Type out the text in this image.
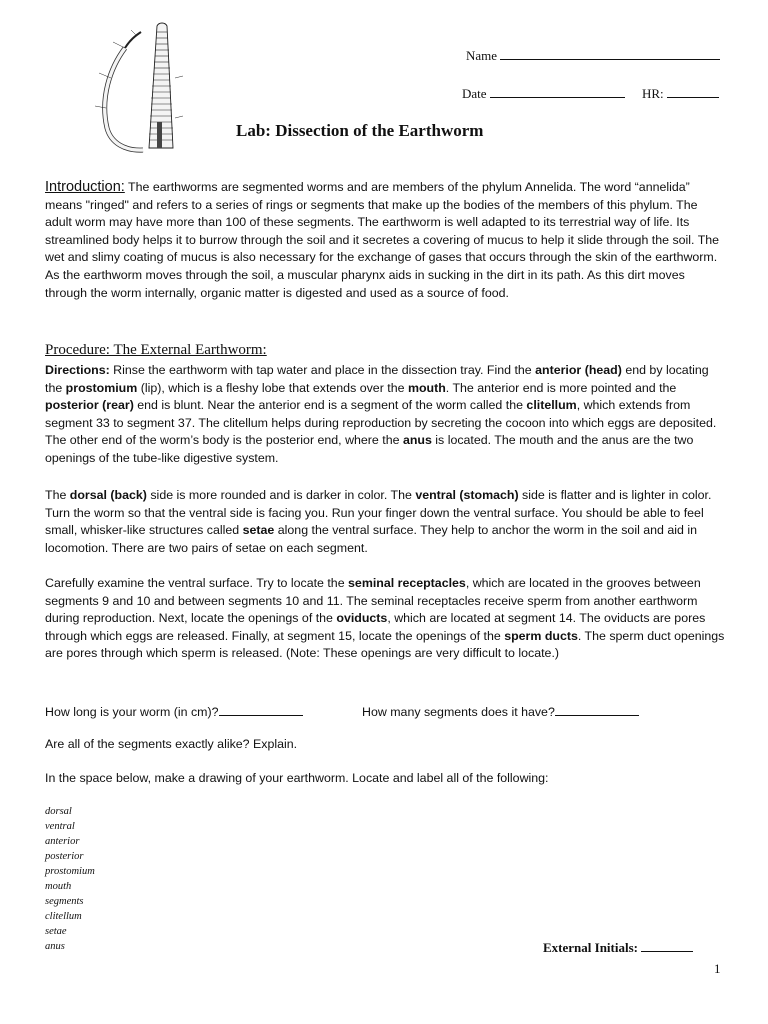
Name
Date	HR:
Lab: Dissection of the Earthworm

Introduction: The earthworms are segmented worms and are members of the phylum Annelida. The word “annelida” means "ringed" and refers to a series of rings or segments that make up the bodies of the members of this phylum. The adult worm may have more than 100 of these segments. The earthworm is well adapted to its terrestrial way of life. Its streamlined body helps it to burrow through the soil and it secretes a covering of mucus to help it slide through the soil. The wet and slimy coating of mucus is also necessary for the exchange of gases that occurs through the skin of the earthworm. As the earthworm moves through the soil, a muscular pharynx aids in sucking in the dirt in its path. As this dirt moves through the worm internally, organic matter is digested and used as a source of food.

Procedure: The External Earthworm:

Directions: Rinse the earthworm with tap water and place in the dissection tray. Find the anterior (head) end by locating the prostomium (lip), which is a fleshy lobe that extends over the mouth. The anterior end is more pointed and the posterior (rear) end is blunt. Near the anterior end is a segment of the worm called the clitellum, which extends from segment 33 to segment 37. The clitellum helps during reproduction by secreting the cocoon into which eggs are deposited. The other end of the worm’s body is the posterior end, where the anus is located. The mouth and the anus are the two openings of the tube-like digestive system.

The dorsal (back) side is more rounded and is darker in color. The ventral (stomach) side is flatter and is lighter in color. Turn the worm so that the ventral side is facing you. Run your finger down the ventral surface. You should be able to feel small, whisker-like structures called setae along the ventral surface. They help to anchor the worm in the soil and aid in locomotion. There are two pairs of setae on each segment.

Carefully examine the ventral surface. Try to locate the seminal receptacles, which are located in the grooves between segments 9 and 10 and between segments 10 and 11. The seminal receptacles receive sperm from another earthworm during reproduction. Next, locate the openings of the oviducts, which are located at segment 14. The oviducts are pores through which eggs are released. Finally, at segment 15, locate the openings of the sperm ducts. The sperm duct openings are pores through which sperm is released. (Note: These openings are very difficult to locate.)

How long is your worm (in cm)?	How many segments does it have?
Are all of the segments exactly alike? Explain.
In the space below, make a drawing of your earthworm. Locate and label all of the following:
dorsal
ventral
anterior
posterior
prostomium
mouth
segments
clitellum
setae
anus	External Initials:
1
